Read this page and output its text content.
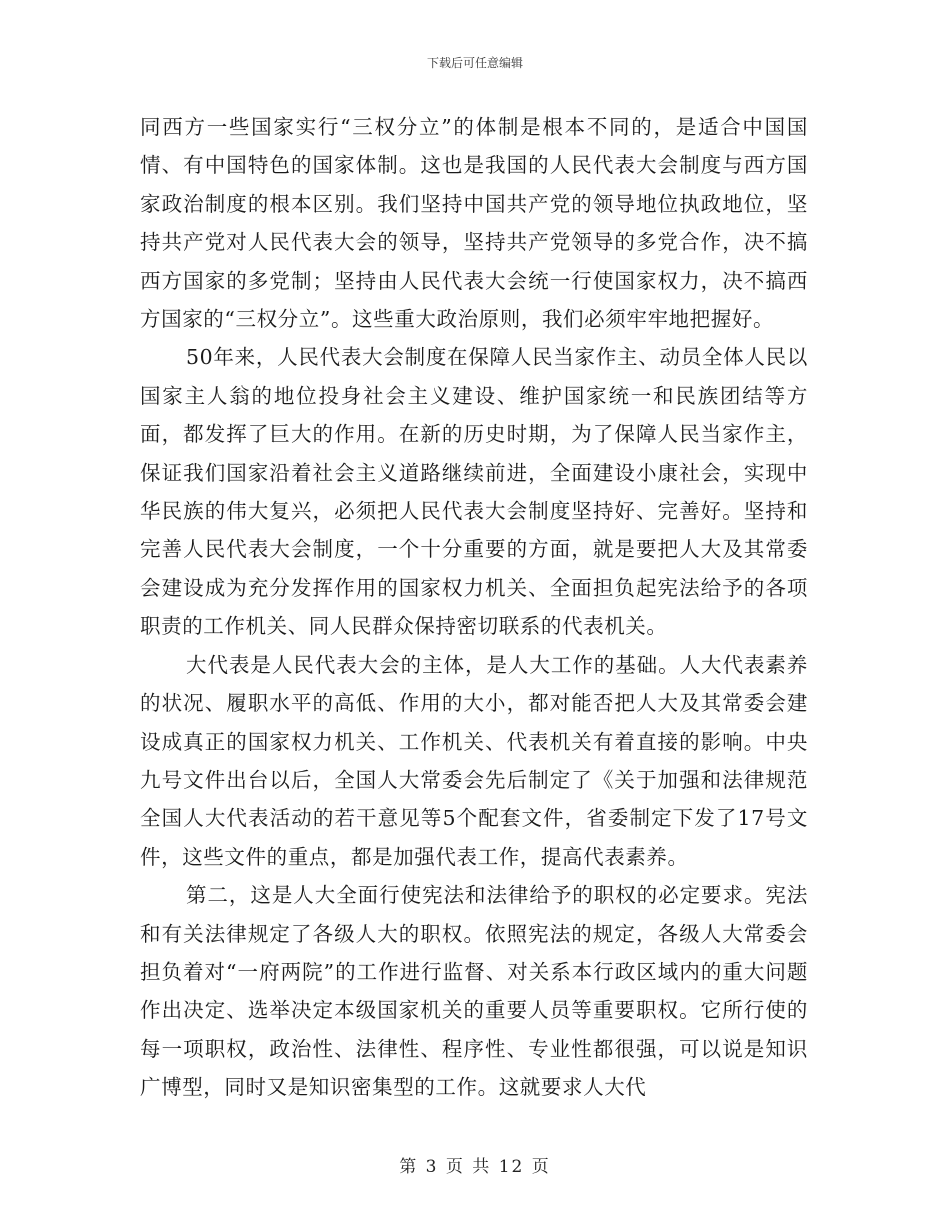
下载后可任意编辑

同西方一些国家实行“三权分立”的体制是根本不同的，是适合中国国情、有中国特色的国家体制。这也是我国的人民代表大会制度与西方国家政治制度的根本区别。我们坚持中国共产党的领导地位执政地位，坚持共产党对人民代表大会的领导，坚持共产党领导的多党合作，决不搞西方国家的多党制；坚持由人民代表大会统一行使国家权力，决不搞西方国家的“三权分立”。这些重大政治原则，我们必须牢牢地把握好。

50年来，人民代表大会制度在保障人民当家作主、动员全体人民以国家主人翁的地位投身社会主义建设、维护国家统一和民族团结等方面，都发挥了巨大的作用。在新的历史时期，为了保障人民当家作主，保证我们国家沿着社会主义道路继续前进，全面建设小康社会，实现中华民族的伟大复兴，必须把人民代表大会制度坚持好、完善好。坚持和完善人民代表大会制度，一个十分重要的方面，就是要把人大及其常委会建设成为充分发挥作用的国家权力机关、全面担负起宪法给予的各项职责的工作机关、同人民群众保持密切联系的代表机关。

大代表是人民代表大会的主体，是人大工作的基础。人大代表素养的状况、履职水平的高低、作用的大小，都对能否把人大及其常委会建设成真正的国家权力机关、工作机关、代表机关有着直接的影响。中央九号文件出台以后，全国人大常委会先后制定了《关于加强和法律规范全国人大代表活动的若干意见等5个配套文件，省委制定下发了17号文件，这些文件的重点，都是加强代表工作，提高代表素养。

第二，这是人大全面行使宪法和法律给予的职权的必定要求。宪法和有关法律规定了各级人大的职权。依照宪法的规定，各级人大常委会担负着对“一府两院”的工作进行监督、对关系本行政区域内的重大问题作出决定、选举决定本级国家机关的重要人员等重要职权。它所行使的每一项职权，政治性、法律性、程序性、专业性都很强，可以说是知识广博型，同时又是知识密集型的工作。这就要求人大代

第 3 页 共 12 页
